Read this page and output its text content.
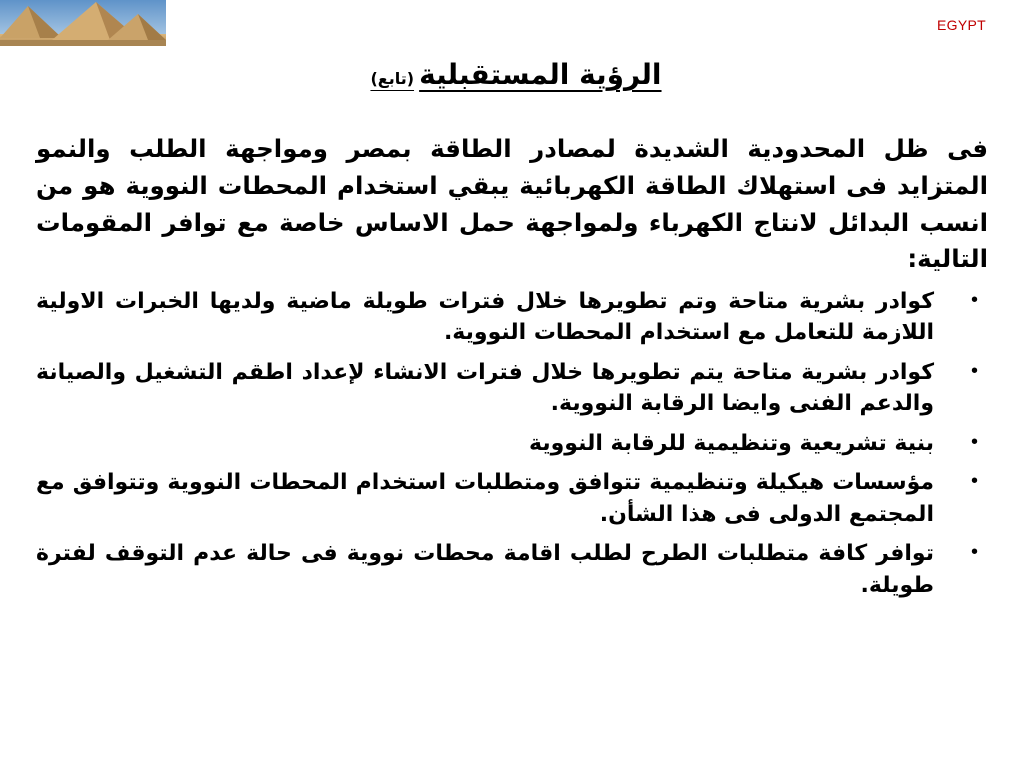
EGYPT
الرؤية المستقبلية (تابع)

فى ظل المحدودية الشديدة لمصادر الطاقة بمصر ومواجهة الطلب والنمو المتزايد فى استهلاك الطاقة الكهربائية يبقي استخدام المحطات النووية هو من انسب البدائل لانتاج الكهرباء ولمواجهة حمل الاساس خاصة مع توافر المقومات التالية:

•
كوادر بشرية متاحة وتم تطويرها خلال فترات طويلة ماضية ولديها الخبرات الاولية اللازمة للتعامل مع استخدام المحطات النووية.
•
كوادر بشرية متاحة يتم تطويرها خلال فترات الانشاء لإعداد اطقم التشغيل والصيانة والدعم الفنى وايضا الرقابة النووية.
•
بنية تشريعية وتنظيمية للرقابة النووية
•
مؤسسات هيكيلة وتنظيمية تتوافق ومتطلبات استخدام المحطات النووية وتتوافق مع المجتمع الدولى فى هذا الشأن.
•
توافر كافة متطلبات الطرح لطلب اقامة محطات نووية فى حالة عدم التوقف لفترة طويلة.
